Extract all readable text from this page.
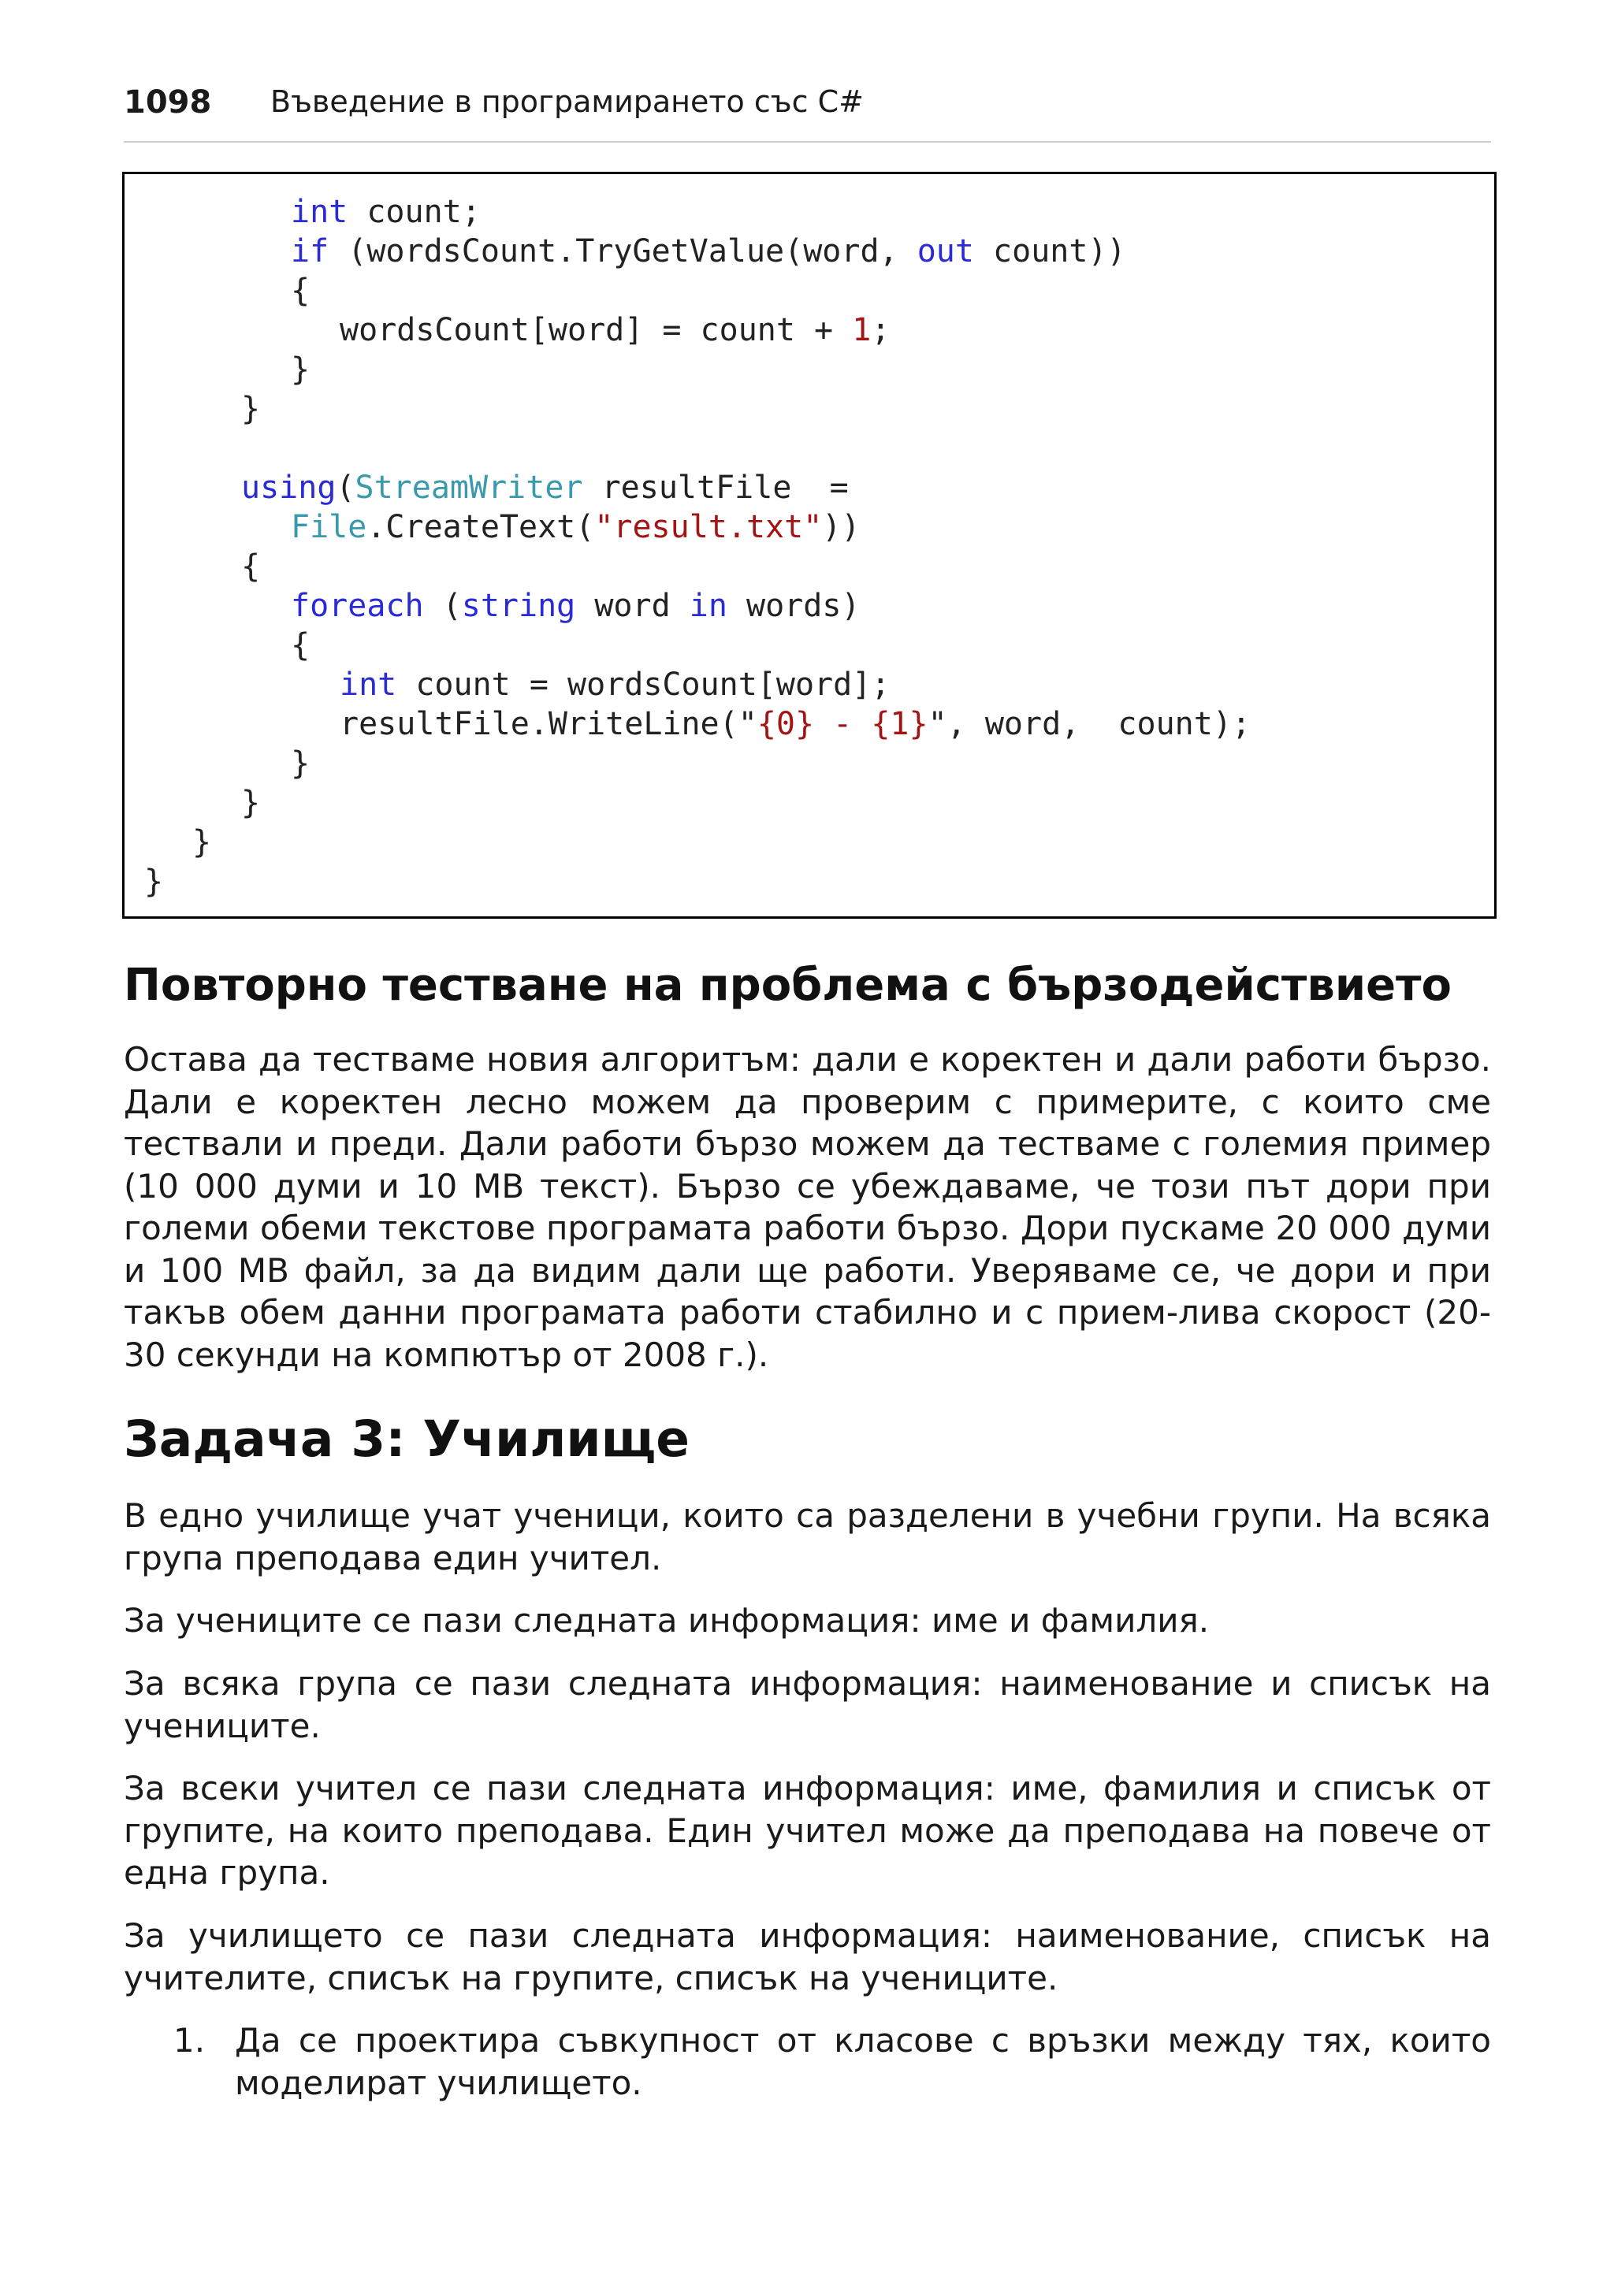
1098 Въведение в програмирането със C#
int count;
if (wordsCount.TryGetValue(word, out count))
{
wordsCount[word] = count + 1;
}
}
using(StreamWriter resultFile  =
File.CreateText("result.txt"))
{
foreach (string word in words)
{
int count = wordsCount[word];
resultFile.WriteLine("{0} - {1}", word,  count);
}
}
}
}
Повторно тестване на проблема с бързодействието

Остава да тестваме новия алгоритъм: дали е коректен и дали работи бързо. Дали е коректен лесно можем да проверим с примерите, с които сме тествали и преди. Дали работи бързо можем да тестваме с големия пример (10 000 думи и 10 MB текст). Бързо се убеждаваме, че този път дори при големи обеми текстове програмата работи бързо. Дори пускаме 20 000 думи и 100 MB файл, за да видим дали ще работи. Уверяваме се, че дори и при такъв обем данни програмата работи стабилно и с прием-лива скорост (20-30 секунди на компютър от 2008 г.).

Задача 3: Училище

В едно училище учат ученици, които са разделени в учебни групи. На всяка група преподава един учител.

За учениците се пази следната информация: име и фамилия.

За всяка група се пази следната информация: наименование и списък на учениците.

За всеки учител се пази следната информация: име, фамилия и списък от групите, на които преподава. Един учител може да преподава на повече от една група.

За училището се пази следната информация: наименование, списък на учителите, списък на групите, списък на учениците.

1. Да се проектира съвкупност от класове с връзки между тях, които моделират училището.
